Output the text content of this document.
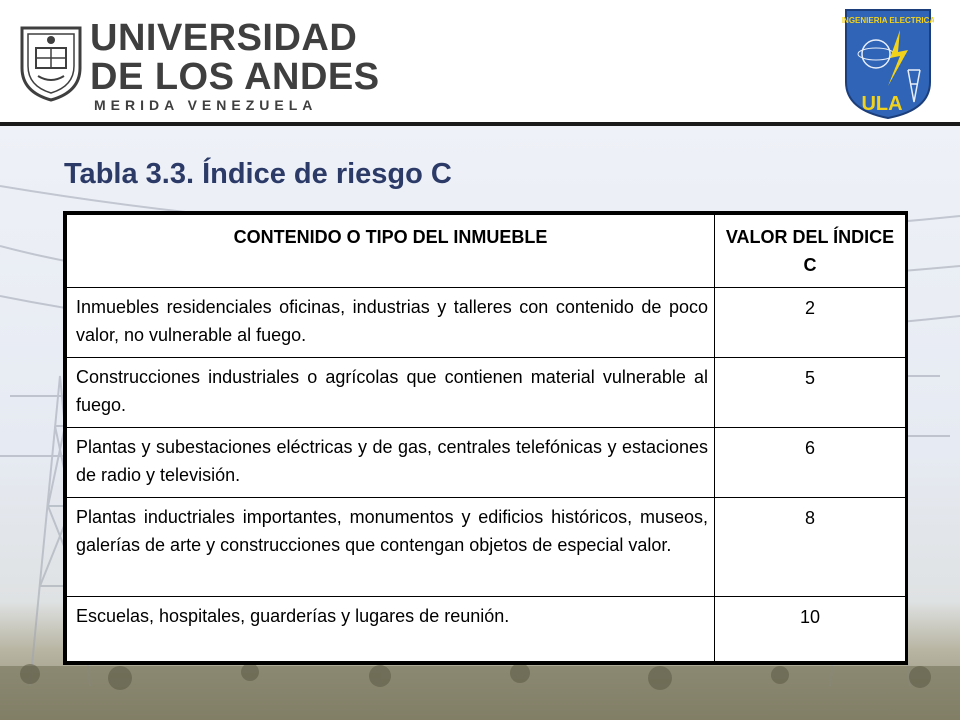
UNIVERSIDAD
DE LOS ANDES
MERIDA VENEZUELA
INGENIERIA ELECTRICA
ULA
Tabla 3.3. Índice de riesgo C
CONTENIDO O TIPO DEL INMUEBLE	VALOR DEL ÍNDICE C
Inmuebles residenciales oficinas, industrias y talleres con contenido de poco valor, no vulnerable al fuego.	2
Construcciones industriales o agrícolas que contienen material vulnerable al fuego.	5
Plantas y subestaciones eléctricas y de gas, centrales telefónicas y estaciones de radio y televisión.	6
Plantas inductriales importantes, monumentos y edificios históricos, museos, galerías de arte y construcciones que contengan objetos de especial valor.	8
Escuelas, hospitales, guarderías y lugares de reunión.	10
